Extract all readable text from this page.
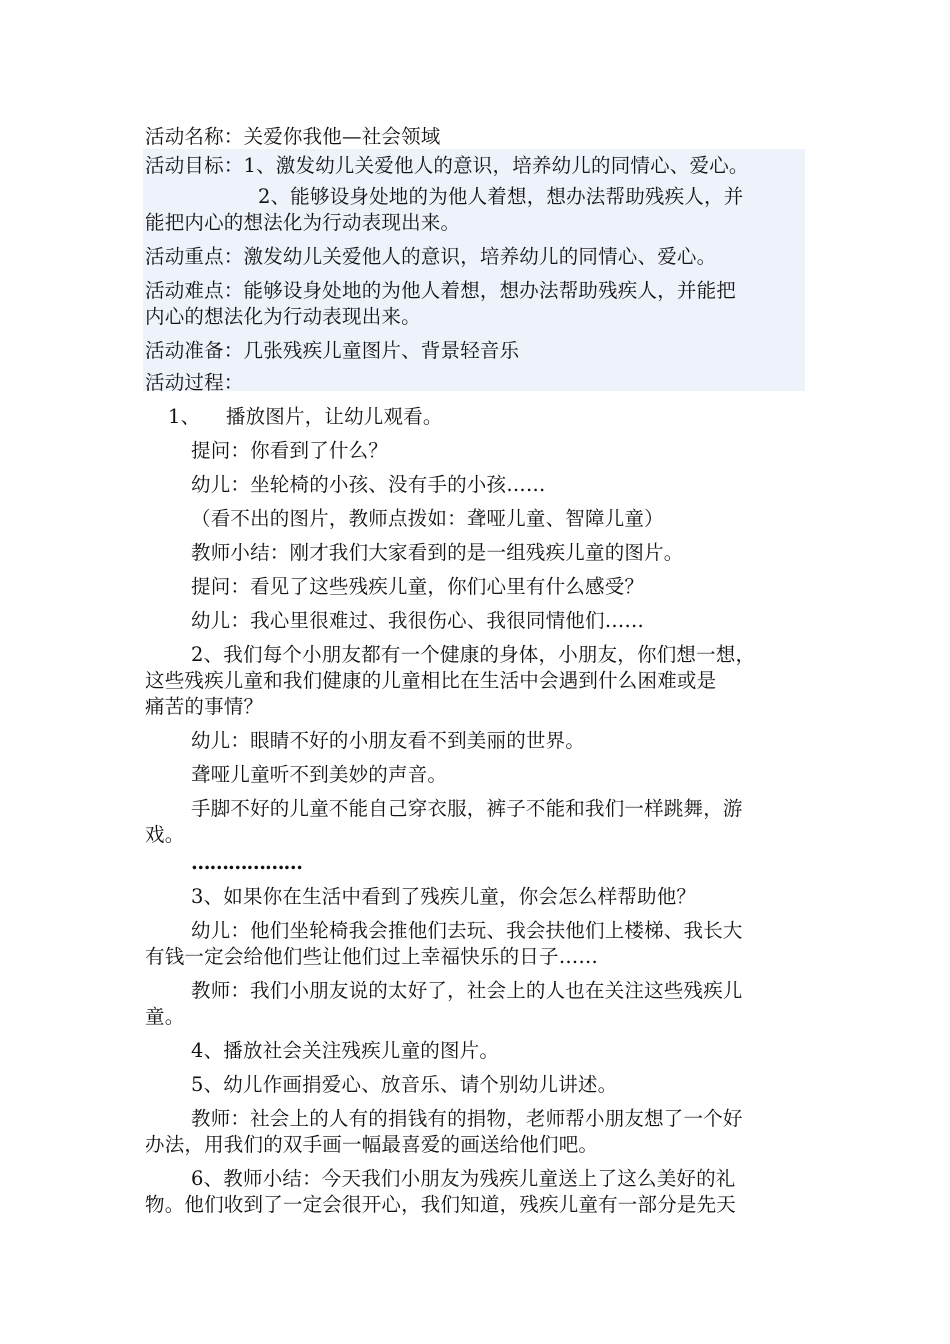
活动名称：关爱你我他—社会领域
活动目标：1、激发幼儿关爱他人的意识，培养幼儿的同情心、爱心。
2、能够设身处地的为他人着想，想办法帮助残疾人，并
能把内心的想法化为行动表现出来。
活动重点：激发幼儿关爱他人的意识，培养幼儿的同情心、爱心。
活动难点：能够设身处地的为他人着想，想办法帮助残疾人，并能把
内心的想法化为行动表现出来。
活动准备：几张残疾儿童图片、背景轻音乐
活动过程：
1、    播放图片，让幼儿观看。
提问：你看到了什么？
幼儿：坐轮椅的小孩、没有手的小孩……
（看不出的图片，教师点拨如：聋哑儿童、智障儿童）
教师小结：刚才我们大家看到的是一组残疾儿童的图片。
提问：看见了这些残疾儿童，你们心里有什么感受？
幼儿：我心里很难过、我很伤心、我很同情他们……
2、我们每个小朋友都有一个健康的身体，小朋友，你们想一想，
这些残疾儿童和我们健康的儿童相比在生活中会遇到什么困难或是
痛苦的事情？
幼儿：眼睛不好的小朋友看不到美丽的世界。
聋哑儿童听不到美妙的声音。
手脚不好的儿童不能自己穿衣服，裤子不能和我们一样跳舞，游
戏。
………………
3、如果你在生活中看到了残疾儿童，你会怎么样帮助他？
幼儿：他们坐轮椅我会推他们去玩、我会扶他们上楼梯、我长大
有钱一定会给他们些让他们过上幸福快乐的日子……
教师：我们小朋友说的太好了，社会上的人也在关注这些残疾儿
童。
4、播放社会关注残疾儿童的图片。
5、幼儿作画捐爱心、放音乐、请个别幼儿讲述。
教师：社会上的人有的捐钱有的捐物，老师帮小朋友想了一个好
办法，用我们的双手画一幅最喜爱的画送给他们吧。
6、教师小结：今天我们小朋友为残疾儿童送上了这么美好的礼
物。他们收到了一定会很开心，我们知道，残疾儿童有一部分是先天
